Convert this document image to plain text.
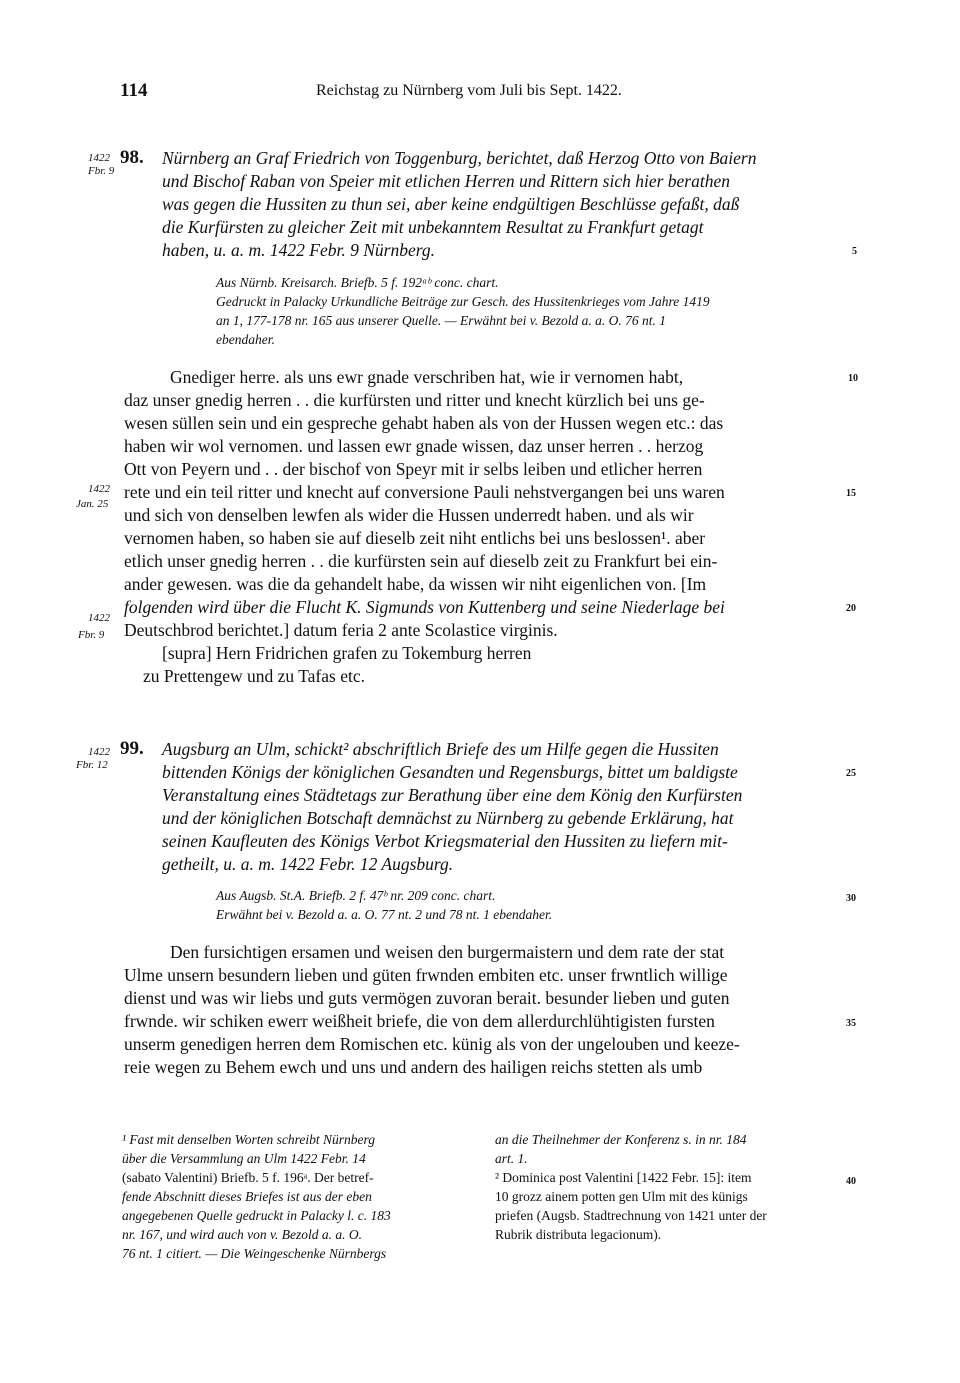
114	Reichstag zu Nürnberg vom Juli bis Sept. 1422.
1422
Fbr. 9
98. Nürnberg an Graf Friedrich von Toggenburg, berichtet, daß Herzog Otto von Baiern
und Bischof Raban von Speier mit etlichen Herren und Rittern sich hier berathen
was gegen die Hussiten zu thun sei, aber keine endgültigen Beschlüsse gefaßt, daß
die Kurfürsten zu gleicher Zeit mit unbekanntem Resultat zu Frankfurt getagt
haben, u. a. m. 1422 Febr. 9 Nürnberg.	5
Aus Nürnb. Kreisarch. Briefb. 5 f. 192ᵃᵇ conc. chart.
Gedruckt in Palacky Urkundliche Beiträge zur Gesch. des Hussitenkrieges vom Jahre 1419
an 1, 177-178 nr. 165 aus unserer Quelle. — Erwähnt bei v. Bezold a. a. O. 76 nt. 1
ebendaher.
Gnediger herre. als uns ewr gnade verschriben hat, wie ir vernomen habt,	10
daz unser gnedig herren . . die kurfürsten und ritter und knecht kürzlich bei uns ge-
wesen süllen sein und ein gespreche gehabt haben als von der Hussen wegen etc.: das
haben wir wol vernomen. und lassen ewr gnade wissen, daz unser herren . . herzog
Ott von Peyern und . . der bischof von Speyr mit ir selbs leiben und etlicher herren
1422
Jan. 25
rete und ein teil ritter und knecht auf conversione Pauli nehstvergangen bei uns waren	15
und sich von denselben lewfen als wider die Hussen underredt haben. und als wir
vernomen haben, so haben sie auf dieselb zeit niht entlichs bei uns beslossen¹. aber
etlich unser gnedig herren . . die kurfürsten sein auf dieselb zeit zu Frankfurt bei ein-
ander gewesen. was die da gehandelt habe, da wissen wir niht eigenlichen von. [Im
folgenden wird über die Flucht K. Sigmunds von Kuttenberg und seine Niederlage bei	20
1422
Fbr. 9 Deutschbrod berichtet.] datum feria 2 ante Scolastice virginis.
[supra] Hern Fridrichen grafen zu Tokemburg herren
zu Prettengew und zu Tafas etc.
1422
Fbr. 12
99. Augsburg an Ulm, schickt² abschriftlich Briefe des um Hilfe gegen die Hussiten
bittenden Königs der königlichen Gesandten und Regensburgs, bittet um baldigste	25
Veranstaltung eines Städtetags zur Berathung über eine dem König den Kurfürsten
und der königlichen Botschaft demnächst zu Nürnberg zu gebende Erklärung, hat
seinen Kaufleuten des Königs Verbot Kriegsmaterial den Hussiten zu liefern mit-
getheilt, u. a. m. 1422 Febr. 12 Augsburg.
Aus Augsb. St.A. Briefb. 2 f. 47ᵇ nr. 209 conc. chart.	30
Erwähnt bei v. Bezold a. a. O. 77 nt. 2 und 78 nt. 1 ebendaher.
Den fursichtigen ersamen und weisen den burgermaistern und dem rate der stat
Ulme unsern besundern lieben und güten frwnden embiten etc. unser frwntlich willige
dienst und was wir liebs und guts vermögen zuvoran berait. besunder lieben und guten
frwnde. wir schiken ewerr weißheit briefe, die von dem allerdurchlühtigisten fursten	35
unserm genedigen herren dem Romischen etc. künig als von der ungelouben und keeze-
reie wegen zu Behem ewch und uns und andern des hailigen reichs stetten als umb
¹ Fast mit denselben Worten schreibt Nürnberg
über die Versammlung an Ulm 1422 Febr. 14
(sabato Valentini) Briefb. 5 f. 196ᵃ. Der betref-
fende Abschnitt dieses Briefes ist aus der eben
angegebenen Quelle gedruckt in Palacky l. c. 183
nr. 167, und wird auch von v. Bezold a. a. O.
76 nt. 1 citiert. — Die Weingeschenke Nürnbergs
an die Theilnehmer der Konferenz s. in nr. 184
art. 1.
² Dominica post Valentini [1422 Febr. 15]: item	40
10 grozz ainem potten gen Ulm mit des künigs
priefen (Augsb. Stadtrechnung von 1421 unter der
Rubrik distributa legacionum).
